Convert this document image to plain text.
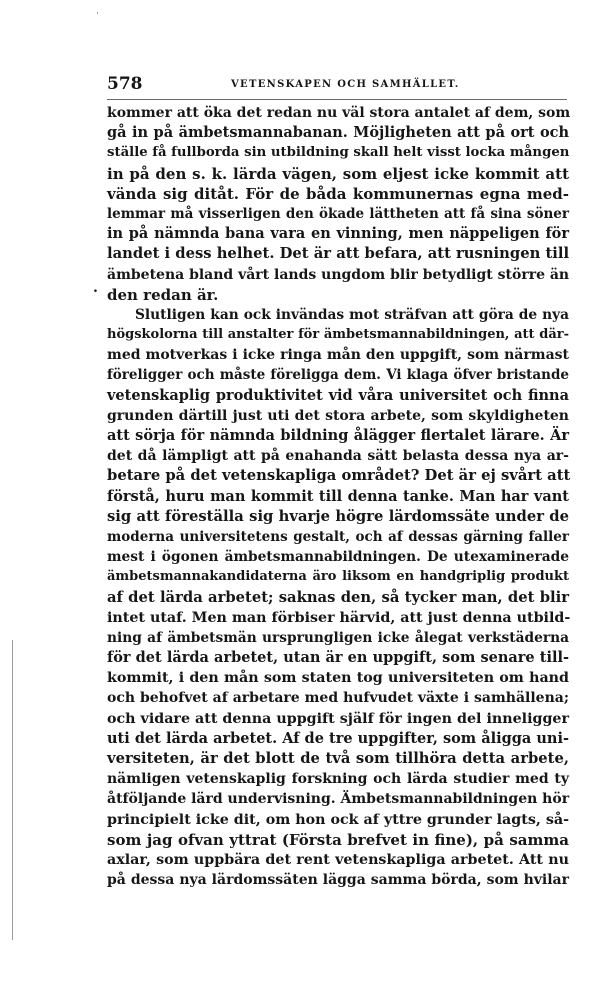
578	VETENSKAPEN OCH SAMHÄLLET.
.
kommer att öka det redan nu väl stora antalet af dem, som
gå in på ämbetsmannabanan. Möjligheten att på ort och
ställe få fullborda sin utbildning skall helt visst locka mången
in på den s. k. lärda vägen, som eljest icke kommit att
vända sig ditåt. För de båda kommunernas egna med-
lemmar må visserligen den ökade lättheten att få sina söner
in på nämnda bana vara en vinning, men näppeligen för
landet i dess helhet. Det är att befara, att rusningen till
ämbetena bland vårt lands ungdom blir betydligt större än
den redan är.
Slutligen kan ock invändas mot sträfvan att göra de nya
högskolorna till anstalter för ämbetsmannabildningen, att där-
med motverkas i icke ringa mån den uppgift, som närmast
föreligger och måste föreligga dem. Vi klaga öfver bristande
vetenskaplig produktivitet vid våra universitet och finna
grunden därtill just uti det stora arbete, som skyldigheten
att sörja för nämnda bildning ålägger flertalet lärare. Är
det då lämpligt att på enahanda sätt belasta dessa nya ar-
betare på det vetenskapliga området? Det är ej svårt att
förstå, huru man kommit till denna tanke. Man har vant
sig att föreställa sig hvarje högre lärdomssäte under de
moderna universitetens gestalt, och af dessas gärning faller
mest i ögonen ämbetsmannabildningen. De utexaminerade
ämbetsmannakandidaterna äro liksom en handgriplig produkt
af det lärda arbetet; saknas den, så tycker man, det blir
intet utaf. Men man förbiser härvid, att just denna utbild-
ning af ämbetsmän ursprungligen icke ålegat verkstäderna
för det lärda arbetet, utan är en uppgift, som senare till-
kommit, i den mån som staten tog universiteten om hand
och behofvet af arbetare med hufvudet växte i samhällena;
och vidare att denna uppgift själf för ingen del inneligger
uti det lärda arbetet. Af de tre uppgifter, som åligga uni-
versiteten, är det blott de två som tillhöra detta arbete,
nämligen vetenskaplig forskning och lärda studier med ty
åtföljande lärd undervisning. Ämbetsmannabildningen hör
principielt icke dit, om hon ock af yttre grunder lagts, så-
som jag ofvan yttrat (Första brefvet in fine), på samma
axlar, som uppbära det rent vetenskapliga arbetet. Att nu
på dessa nya lärdomssäten lägga samma börda, som hvilar
